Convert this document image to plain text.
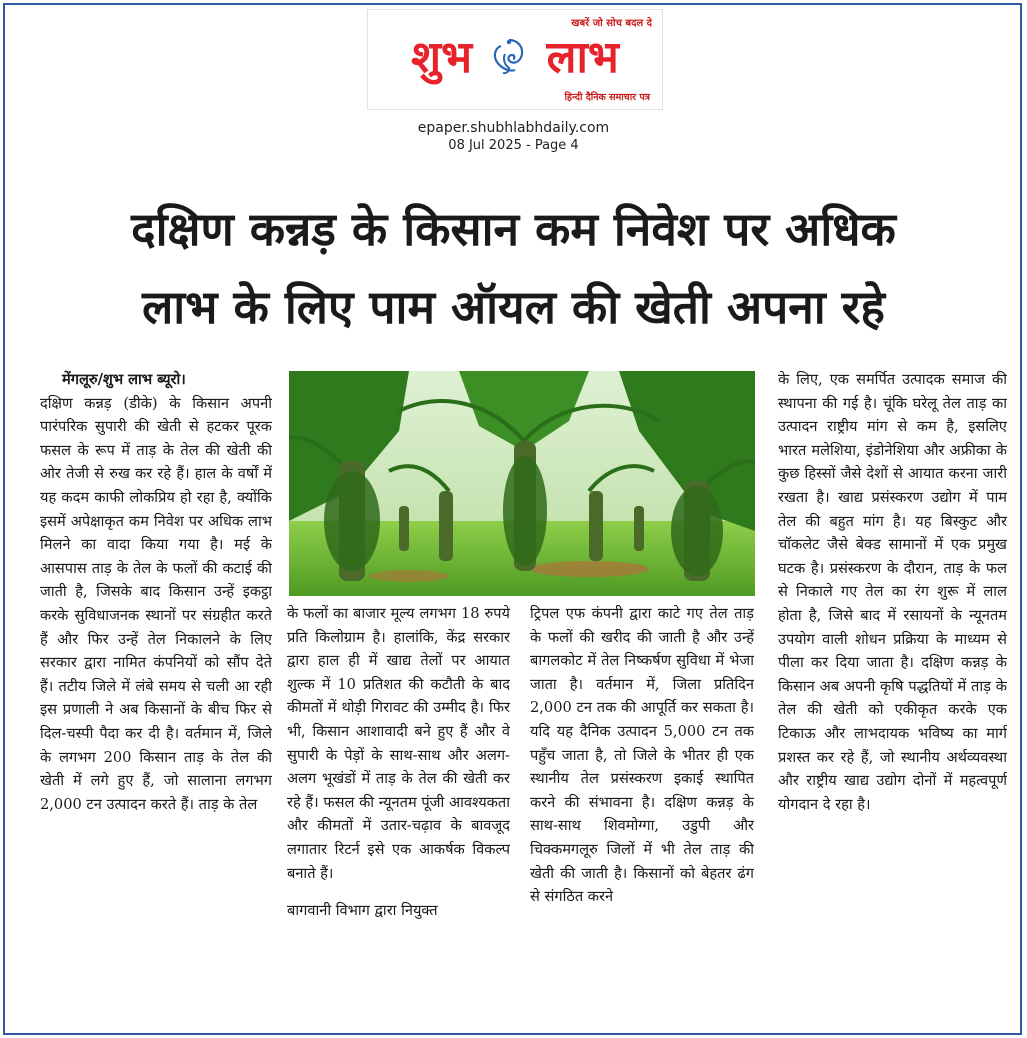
खबरें जो सोच बदल दे
शुभ लाभ
हिन्दी दैनिक समाचार पत्र
epaper.shubhlabhdaily.com
08 Jul 2025 - Page 4
दक्षिण कन्नड़ के किसान कम निवेश पर अधिक
लाभ के लिए पाम ऑयल की खेती अपना रहे
मेंगलूरु/शुभ लाभ ब्यूरो।
दक्षिण कन्नड़ (डीके) के किसान अपनी पारंपरिक सुपारी की खेती से हटकर पूरक फसल के रूप में ताड़ के तेल की खेती की ओर तेजी से रुख कर रहे हैं। हाल के वर्षों में यह कदम काफी लोकप्रिय हो रहा है, क्योंकि इसमें अपेक्षाकृत कम निवेश पर अधिक लाभ मिलने का वादा किया गया है। मई के आसपास ताड़ के तेल के फलों की कटाई की जाती है, जिसके बाद किसान उन्हें इकट्ठा करके सुविधाजनक स्थानों पर संग्रहीत करते हैं और फिर उन्हें तेल निकालने के लिए सरकार द्वारा नामित कंपनियों को सौंप देते हैं। तटीय जिले में लंबे समय से चली आ रही इस प्रणाली ने अब किसानों के बीच फिर से दिल-चस्पी पैदा कर दी है। वर्तमान में, जिले के लगभग 200 किसान ताड़ के तेल की खेती में लगे हुए हैं, जो सालाना लगभग 2,000 टन उत्पादन करते हैं। ताड़ के तेल
के फलों का बाजार मूल्य लगभग 18 रुपये प्रति किलोग्राम है। हालांकि, केंद्र सरकार द्वारा हाल ही में खाद्य तेलों पर आयात शुल्क में 10 प्रतिशत की कटौती के बाद कीमतों में थोड़ी गिरावट की उम्मीद है। फिर भी, किसान आशावादी बने हुए हैं और वे सुपारी के पेड़ों के साथ-साथ और अलग-अलग भूखंडों में ताड़ के तेल की खेती कर रहे हैं। फसल की न्यूनतम पूंजी आवश्यकता और कीमतों में उतार-चढ़ाव के बावजूद लगातार रिटर्न इसे एक आकर्षक विकल्प बनाते हैं।
बागवानी विभाग द्वारा नियुक्त
ट्रिपल एफ कंपनी द्वारा काटे गए तेल ताड़ के फलों की खरीद की जाती है और उन्हें बागलकोट में तेल निष्कर्षण सुविधा में भेजा जाता है। वर्तमान में, जिला प्रतिदिन 2,000 टन तक की आपूर्ति कर सकता है। यदि यह दैनिक उत्पादन 5,000 टन तक पहुँच जाता है, तो जिले के भीतर ही एक स्थानीय तेल प्रसंस्करण इकाई स्थापित करने की संभावना है। दक्षिण कन्नड़ के साथ-साथ शिवमोग्गा, उडुपी और चिक्कमगलूरु जिलों में भी तेल ताड़ की खेती की जाती है। किसानों को बेहतर ढंग से संगठित करने
के लिए, एक समर्पित उत्पादक समाज की स्थापना की गई है। चूंकि घरेलू तेल ताड़ का उत्पादन राष्ट्रीय मांग से कम है, इसलिए भारत मलेशिया, इंडोनेशिया और अफ्रीका के कुछ हिस्सों जैसे देशों से आयात करना जारी रखता है। खाद्य प्रसंस्करण उद्योग में पाम तेल की बहुत मांग है। यह बिस्कुट और चॉकलेट जैसे बेक्ड सामानों में एक प्रमुख घटक है। प्रसंस्करण के दौरान, ताड़ के फल से निकाले गए तेल का रंग शुरू में लाल होता है, जिसे बाद में रसायनों के न्यूनतम उपयोग वाली शोधन प्रक्रिया के माध्यम से पीला कर दिया जाता है। दक्षिण कन्नड़ के किसान अब अपनी कृषि पद्धतियों में ताड़ के तेल की खेती को एकीकृत करके एक टिकाऊ और लाभदायक भविष्य का मार्ग प्रशस्त कर रहे हैं, जो स्थानीय अर्थव्यवस्था और राष्ट्रीय खाद्य उद्योग दोनों में महत्वपूर्ण योगदान दे रहा है।
